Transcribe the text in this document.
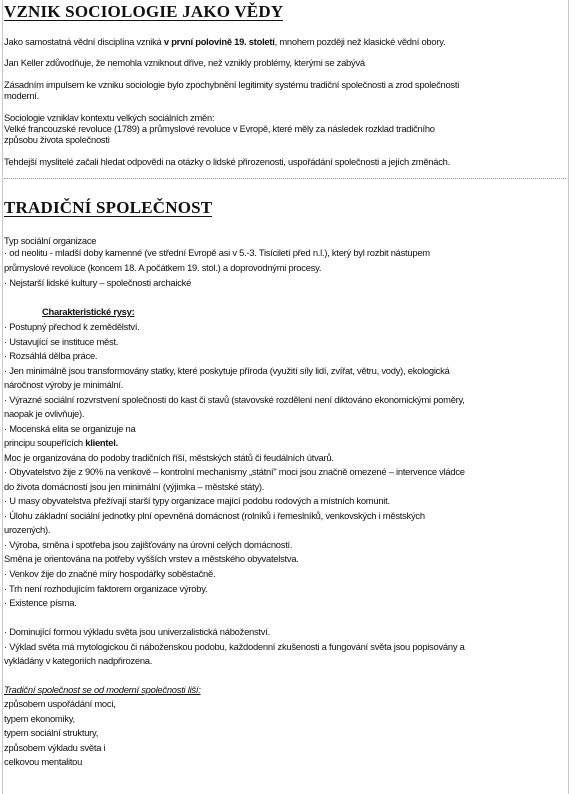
VZNIK SOCIOLOGIE JAKO VĚDY

Jako samostatná vědní disciplína vzniká v první polovině 19. století, mnohem později než klasické vědní obory.

Jan Keller zdůvodňuje, že nemohla vzniknout dříve, než vznikly problémy, kterými se zabývá

Zásadním impulsem ke vzniku sociologie bylo zpochybnění legitimity systému tradiční společnosti a zrod společnosti

moderní.

Sociologie vzniklav kontextu velkých sociálních změn:

Velké francouzské revoluce (1789) a průmyslové revoluce v Evropě, které měly za následek rozklad tradičního

způsobu života společnosti

Tehdejší myslitelé začali hledat odpovědi na otázky o lidské přirozenosti, uspořádání společnosti a jejích změnách.

TRADIČNÍ SPOLEČNOST

Typ sociální organizace

· od neolitu - mladší doby kamenné (ve střední Evropě asi v 5.-3. Tisíciletí před n.l.), který byl rozbit nástupem

průmyslové revoluce (koncem 18. A počátkem 19. stol.) a doprovodnými procesy.

· Nejstarší lidské kultury – společnosti archaické

Charakteristické rysy:

· Postupný přechod k zemědělství.

· Ustavující se instituce měst.

· Rozsáhlá dělba práce.

· Jen minimálně jsou transformovány statky, které poskytuje příroda (využití síly lidí, zvířat, větru, vody), ekologická

náročnost výroby je minimální.

· Výrazné sociální rozvrstvení společnosti do kast či stavů (stavovské rozdělení není diktováno ekonomickými poměry,

naopak je ovlivňuje).

· Mocenská elita se organizuje na

principu soupeřících klientel.

Moc je organizována do podoby tradičních říší, městských států či feudálních útvarů.

· Obyvatelstvo žije z 90% na venkově – kontrolní mechanismy „státní" moci jsou značně omezené – intervence vládce

do života domácností jsou jen minimální (výjimka – městské státy).

· U masy obyvatelstva přežívají starší typy organizace mající podobu rodových a místních komunit.

· Úlohu základní sociální jednotky plní opevněná domácnost (rolníků i řemeslníků, venkovských i městských

urozených).

· Výroba, směna i spotřeba jsou zajišťovány na úrovni celých domácností.

Směna je orientována na potřeby vyšších vrstev a městského obyvatelstva.

· Venkov žije do značné míry hospodářky soběstačně.

· Trh není rozhodujícím faktorem organizace výroby.

· Existence písma.

· Dominující formou výkladu světa jsou univerzalistická náboženství.

· Výklad světa má mytologickou či náboženskou podobu, každodenní zkušenosti a fungování světa jsou popisovány a

vykládány v kategoriích nadpřirozena.

Tradiční společnost se od moderní společnosti liší:

způsobem uspořádání moci,

typem ekonomiky,

typem sociální struktury,

způsobem výkladu světa i

celkovou mentalitou
